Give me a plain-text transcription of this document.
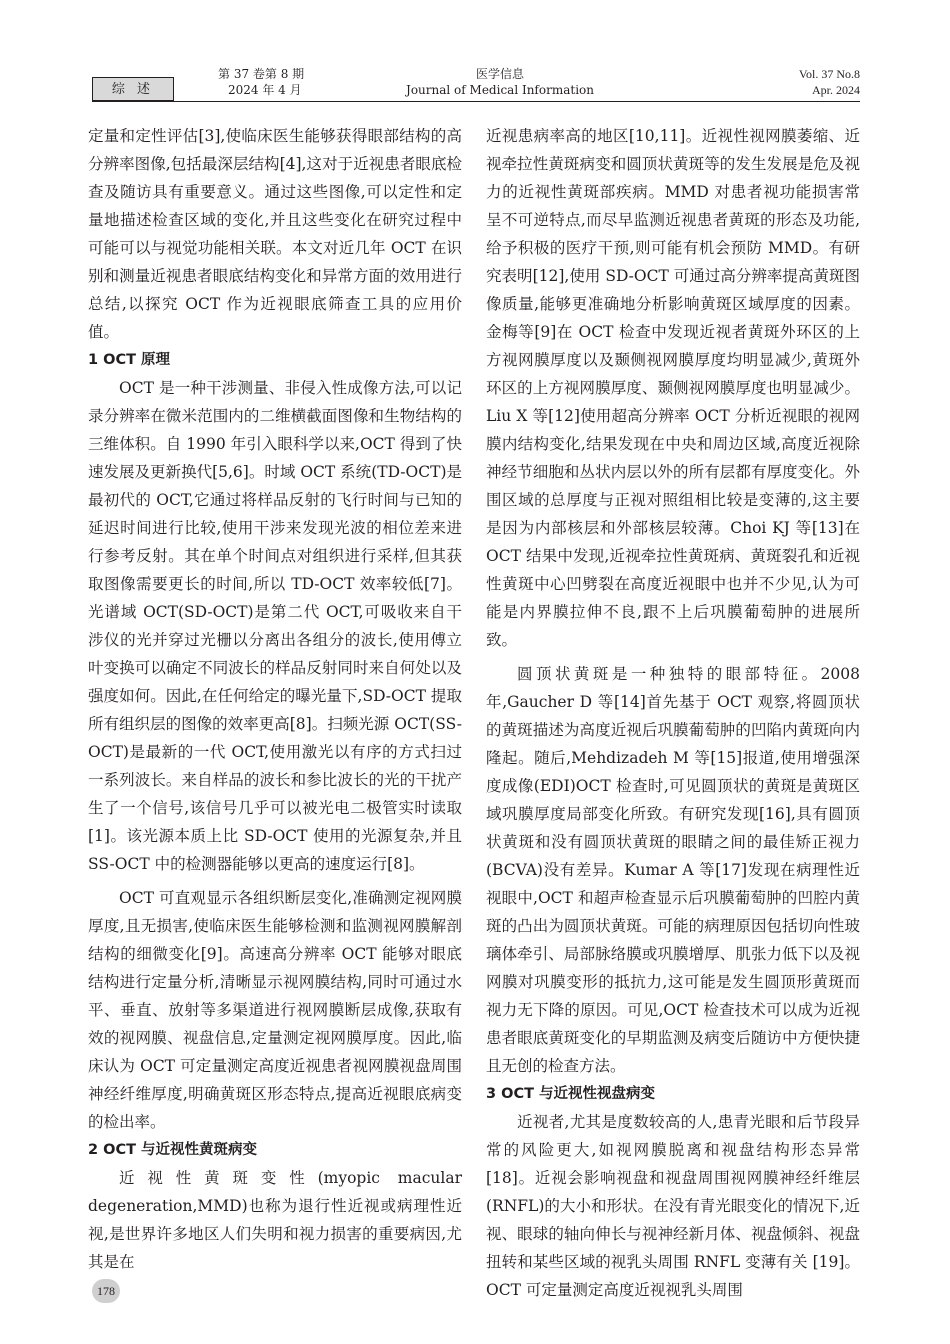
综 述
第 37 卷第 8 期
2024 年 4 月
医学信息
Journal of Medical Information
Vol. 37 No.8
Apr. 2024

定量和定性评估[3],使临床医生能够获得眼部结构的高分辨率图像,包括最深层结构[4],这对于近视患者眼底检查及随访具有重要意义。通过这些图像,可以定性和定量地描述检查区域的变化,并且这些变化在研究过程中可能可以与视觉功能相关联。本文对近几年 OCT 在识别和测量近视患者眼底结构变化和异常方面的效用进行总结,以探究 OCT 作为近视眼底筛查工具的应用价值。

1 OCT 原理

OCT 是一种干涉测量、非侵入性成像方法,可以记录分辨率在微米范围内的二维横截面图像和生物结构的三维体积。自 1990 年引入眼科学以来,OCT 得到了快速发展及更新换代[5,6]。时域 OCT 系统(TD-OCT)是最初代的 OCT,它通过将样品反射的飞行时间与已知的延迟时间进行比较,使用干涉来发现光波的相位差来进行参考反射。其在单个时间点对组织进行采样,但其获取图像需要更长的时间,所以 TD-OCT 效率较低[7]。光谱域 OCT(SD-OCT)是第二代 OCT,可吸收来自干涉仪的光并穿过光栅以分离出各组分的波长,使用傅立叶变换可以确定不同波长的样品反射同时来自何处以及强度如何。因此,在任何给定的曝光量下,SD-OCT 提取所有组织层的图像的效率更高[8]。扫频光源 OCT(SS-OCT)是最新的一代 OCT,使用激光以有序的方式扫过一系列波长。来自样品的波长和参比波长的光的干扰产生了一个信号,该信号几乎可以被光电二极管实时读取[1]。该光源本质上比 SD-OCT 使用的光源复杂,并且 SS-OCT 中的检测器能够以更高的速度运行[8]。

OCT 可直观显示各组织断层变化,准确测定视网膜厚度,且无损害,使临床医生能够检测和监测视网膜解剖结构的细微变化[9]。高速高分辨率 OCT 能够对眼底结构进行定量分析,清晰显示视网膜结构,同时可通过水平、垂直、放射等多渠道进行视网膜断层成像,获取有效的视网膜、视盘信息,定量测定视网膜厚度。因此,临床认为 OCT 可定量测定高度近视患者视网膜视盘周围神经纤维厚度,明确黄斑区形态特点,提高近视眼底病变的检出率。

2 OCT 与近视性黄斑病变

近视性黄斑变性(myopic macular degeneration,MMD)也称为退行性近视或病理性近视,是世界许多地区人们失明和视力损害的重要病因,尤其是在

近视患病率高的地区[10,11]。近视性视网膜萎缩、近视牵拉性黄斑病变和圆顶状黄斑等的发生发展是危及视力的近视性黄斑部疾病。MMD 对患者视功能损害常呈不可逆特点,而尽早监测近视患者黄斑的形态及功能,给予积极的医疗干预,则可能有机会预防 MMD。有研究表明[12],使用 SD-OCT 可通过高分辨率提高黄斑图像质量,能够更准确地分析影响黄斑区域厚度的因素。金梅等[9]在 OCT 检查中发现近视者黄斑外环区的上方视网膜厚度以及颞侧视网膜厚度均明显减少,黄斑外环区的上方视网膜厚度、颞侧视网膜厚度也明显减少。Liu X 等[12]使用超高分辨率 OCT 分析近视眼的视网膜内结构变化,结果发现在中央和周边区域,高度近视除神经节细胞和丛状内层以外的所有层都有厚度变化。外围区域的总厚度与正视对照组相比较是变薄的,这主要是因为内部核层和外部核层较薄。Choi KJ 等[13]在 OCT 结果中发现,近视牵拉性黄斑病、黄斑裂孔和近视性黄斑中心凹劈裂在高度近视眼中也并不少见,认为可能是内界膜拉伸不良,跟不上后巩膜葡萄肿的进展所致。

圆顶状黄斑是一种独特的眼部特征。2008 年,Gaucher D 等[14]首先基于 OCT 观察,将圆顶状的黄斑描述为高度近视后巩膜葡萄肿的凹陷内黄斑向内隆起。随后,Mehdizadeh M 等[15]报道,使用增强深度成像(EDI)OCT 检查时,可见圆顶状的黄斑是黄斑区域巩膜厚度局部变化所致。有研究发现[16],具有圆顶状黄斑和没有圆顶状黄斑的眼睛之间的最佳矫正视力(BCVA)没有差异。Kumar A 等[17]发现在病理性近视眼中,OCT 和超声检查显示后巩膜葡萄肿的凹腔内黄斑的凸出为圆顶状黄斑。可能的病理原因包括切向性玻璃体牵引、局部脉络膜或巩膜增厚、肌张力低下以及视网膜对巩膜变形的抵抗力,这可能是发生圆顶形黄斑而视力无下降的原因。可见,OCT 检查技术可以成为近视患者眼底黄斑变化的早期监测及病变后随访中方便快捷且无创的检查方法。

3 OCT 与近视性视盘病变

近视者,尤其是度数较高的人,患青光眼和后节段异常的风险更大,如视网膜脱离和视盘结构形态异常[18]。近视会影响视盘和视盘周围视网膜神经纤维层(RNFL)的大小和形状。在没有青光眼变化的情况下,近视、眼球的轴向伸长与视神经新月体、视盘倾斜、视盘扭转和某些区域的视乳头周围 RNFL 变薄有关 [19]。OCT 可定量测定高度近视视乳头周围

178
